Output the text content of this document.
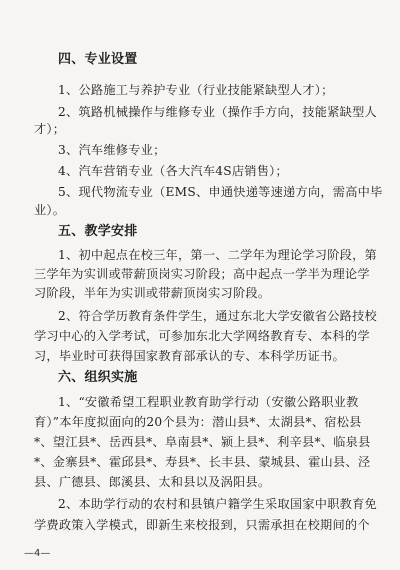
四、专业设置
1、公路施工与养护专业（行业技能紧缺型人才）；
2、筑路机械操作与维修专业（操作手方向，技能紧缺型人
才）；
3、汽车维修专业；
4、汽车营销专业（各大汽车4S店销售）；
5、现代物流专业（EMS、申通快递等速递方向，需高中毕
业）。
五、教学安排
1、初中起点在校三年，第一、二学年为理论学习阶段，第
三学年为实训或带薪顶岗实习阶段；高中起点一学半为理论学
习阶段，半年为实训或带薪顶岗实习阶段。
2、符合学历教育条件学生，通过东北大学安徽省公路技校
学习中心的入学考试，可参加东北大学网络教育专、本科的学
习，毕业时可获得国家教育部承认的专、本科学历证书。
六、组织实施
1、“安徽希望工程职业教育助学行动（安徽公路职业教
育）”本年度拟面向的20个县为：潜山县*、太湖县*、宿松县
*、望江县*、岳西县*、阜南县*、颍上县*、利辛县*、临泉县
*、金寨县*、霍邱县*、寿县*、长丰县、蒙城县、霍山县、泾
县、广德县、郎溪县、太和县以及涡阳县。
2、本助学行动的农村和县镇户籍学生采取国家中职教育免
学费政策入学模式，即新生来校报到，只需承担在校期间的个
—4—
